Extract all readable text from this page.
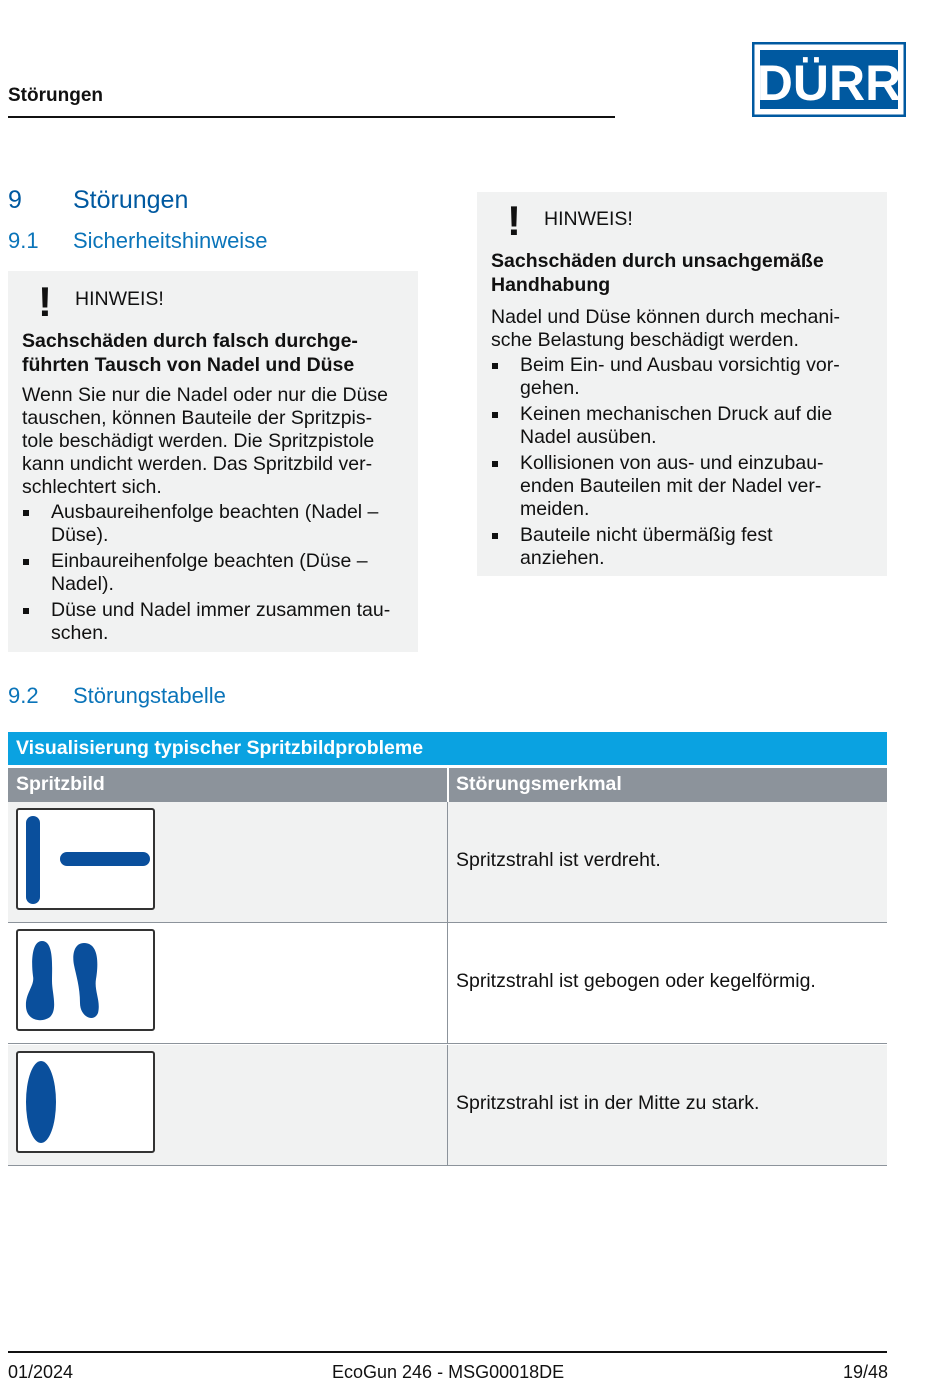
Störungen	DÜRR
9 Störungen
9.1 Sicherheitshinweise
! HINWEIS!
Sachschäden durch falsch durchge-
führten Tausch von Nadel und Düse
Wenn Sie nur die Nadel oder nur die Düse
tauschen, können Bauteile der Spritzpis-
tole beschädigt werden. Die Spritzpistole
kann undicht werden. Das Spritzbild ver-
schlechtert sich.
Ausbaureihenfolge beachten (Nadel –
Düse).
Einbaureihenfolge beachten (Düse –
Nadel).
Düse und Nadel immer zusammen tau-
schen.
! HINWEIS!
Sachschäden durch unsachgemäße
Handhabung
Nadel und Düse können durch mechani-
sche Belastung beschädigt werden.
Beim Ein- und Ausbau vorsichtig vor-
gehen.
Keinen mechanischen Druck auf die
Nadel ausüben.
Kollisionen von aus- und einzubau-
enden Bauteilen mit der Nadel ver-
meiden.
Bauteile nicht übermäßig fest
anziehen.
9.2 Störungstabelle
Visualisierung typischer Spritzbildprobleme
Spritzbild	Störungsmerkmal
Spritzstrahl ist verdreht.
Spritzstrahl ist gebogen oder kegelförmig.
Spritzstrahl ist in der Mitte zu stark.
01/2024	EcoGun 246 - MSG00018DE	19/48
